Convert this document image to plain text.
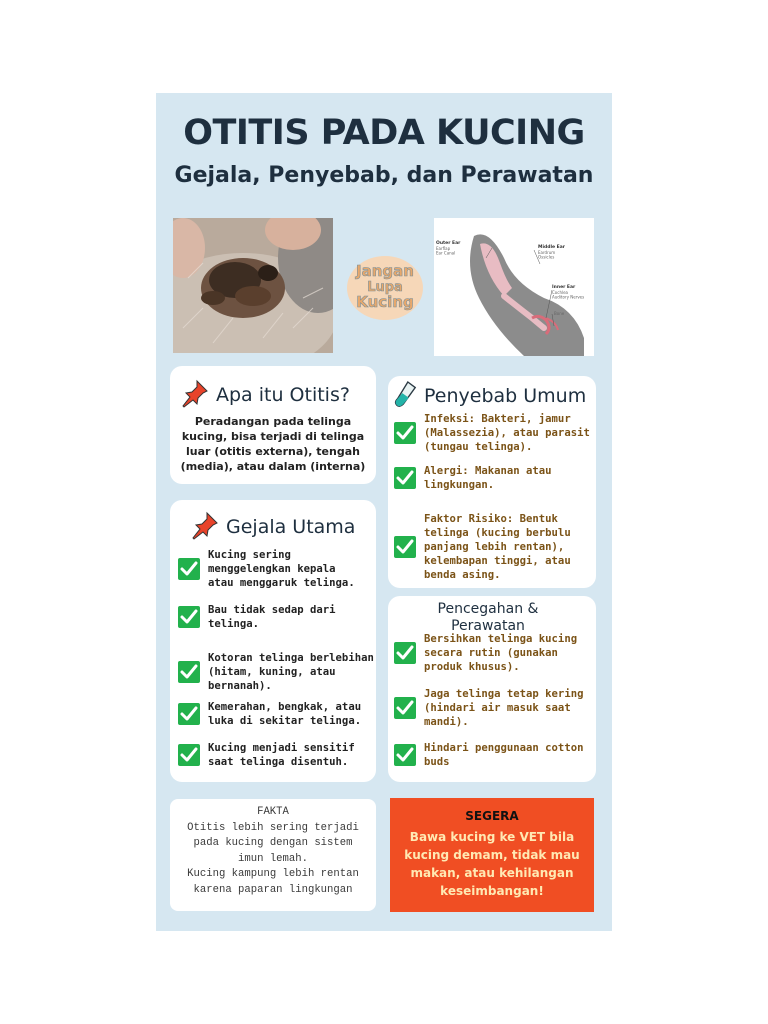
OTITIS PADA KUCING
Gejala, Penyebab, dan Perawatan
Jangan
Lupa
Kucing
Outer Ear
Earflap Ear Canal
Middle Ear
Eardrum Ossicles
Inner Ear
Cochlea Auditory Nerves
Bone
Apa itu Otitis?
Peradangan pada telinga kucing, bisa terjadi di telinga luar (otitis externa), tengah (media), atau dalam (interna)
Gejala Utama
Kucing sering
menggelengkan kepala
atau menggaruk telinga.
Bau tidak sedap dari
telinga.
Kotoran telinga berlebihan
(hitam, kuning, atau
bernanah).
Kemerahan, bengkak, atau
luka di sekitar telinga.
Kucing menjadi sensitif
saat telinga disentuh.
Penyebab Umum
Infeksi: Bakteri, jamur
(Malassezia), atau parasit
(tungau telinga).
Alergi: Makanan atau
lingkungan.
Faktor Risiko: Bentuk
telinga (kucing berbulu
panjang lebih rentan),
kelembapan tinggi, atau
benda asing.
Pencegahan &
Perawatan
Bersihkan telinga kucing
secara rutin (gunakan
produk khusus).
Jaga telinga tetap kering
(hindari air masuk saat
mandi).
Hindari penggunaan cotton
buds
FAKTA
Otitis lebih sering terjadi
pada kucing dengan sistem
imun lemah.
Kucing kampung lebih rentan
karena paparan lingkungan
SEGERA
Bawa kucing ke VET bila
kucing demam, tidak mau
makan, atau kehilangan
keseimbangan!
